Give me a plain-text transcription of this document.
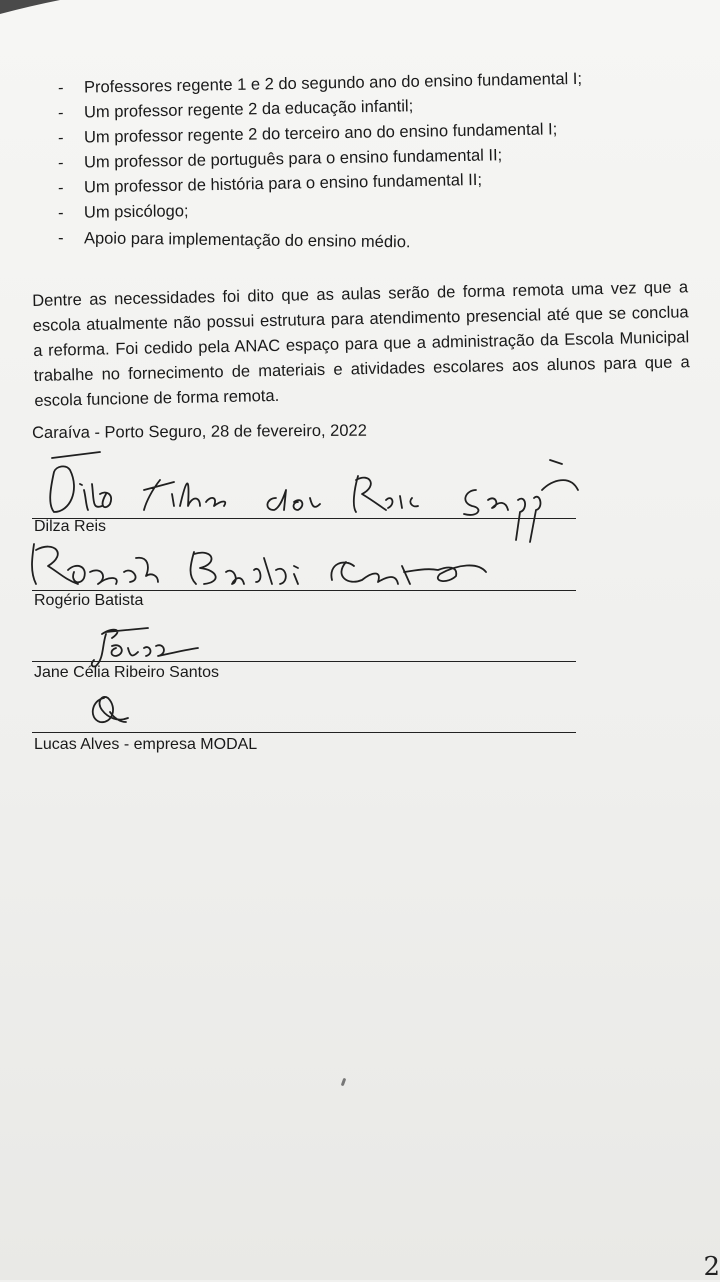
- Professores regente 1 e 2 do segundo ano do ensino fundamental I;
- Um professor regente 2 da educação infantil;
- Um professor regente 2 do terceiro ano do ensino fundamental I;
- Um professor de português para o ensino fundamental II;
- Um professor de história para o ensino fundamental II;
- Um psicólogo;
- Apoio para implementação do ensino médio.

Dentre as necessidades foi dito que as aulas serão de forma remota uma vez que a escola atualmente não possui estrutura para atendimento presencial até que se conclua a reforma. Foi cedido pela ANAC espaço para que a administração da Escola Municipal trabalhe no fornecimento de materiais e atividades escolares aos alunos para que a escola funcione de forma remota.

Caraíva - Porto Seguro, 28 de fevereiro, 2022
Dilza Reis
Rogério Batista
Jane Célia Ribeiro Santos
Lucas Alves - empresa MODAL
2
